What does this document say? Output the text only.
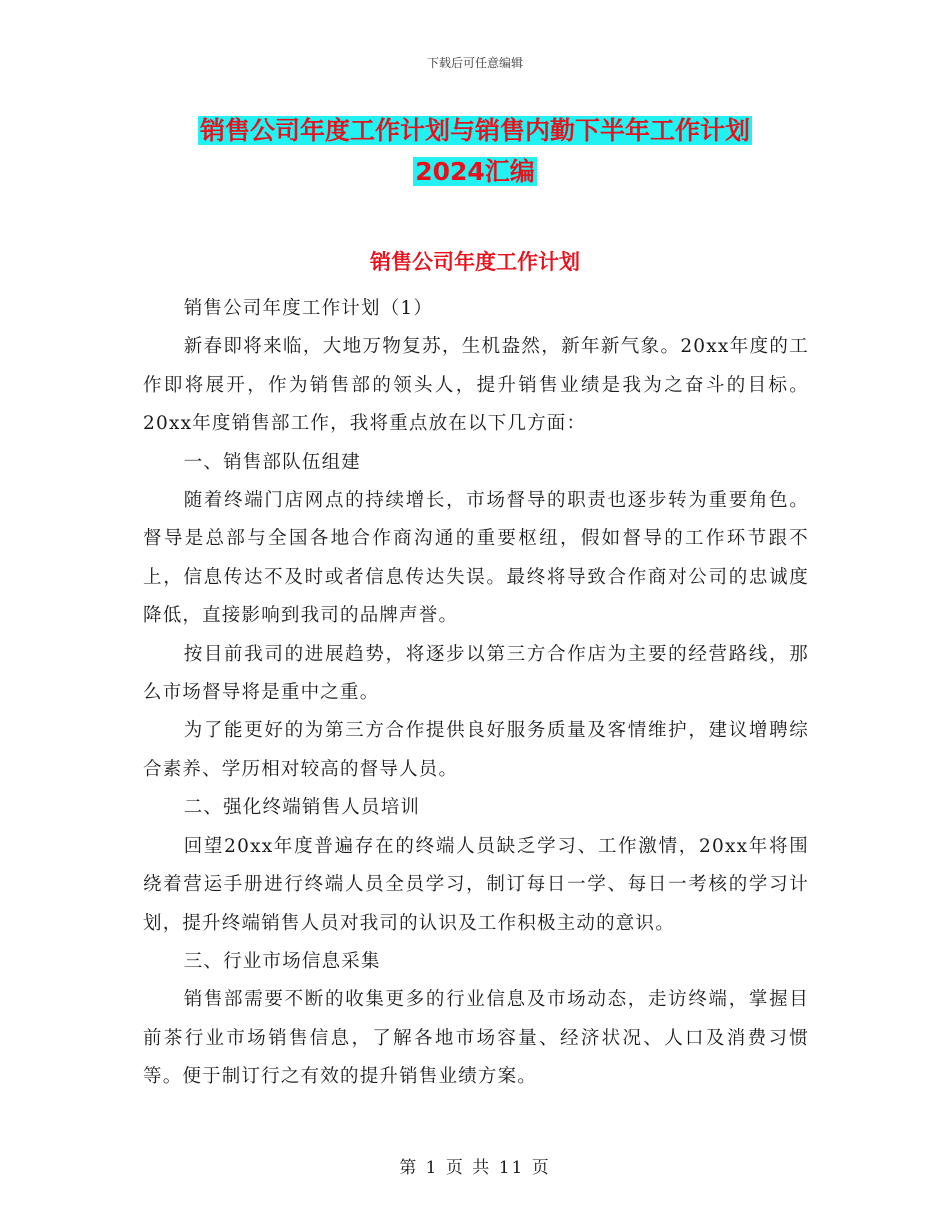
下载后可任意编辑
销售公司年度工作计划与销售内勤下半年工作计划
2024汇编
销售公司年度工作计划

销售公司年度工作计划（1）

新春即将来临，大地万物复苏，生机盎然，新年新气象。20xx年度的工作即将展开，作为销售部的领头人，提升销售业绩是我为之奋斗的目标。20xx年度销售部工作，我将重点放在以下几方面：

一、销售部队伍组建

随着终端门店网点的持续增长，市场督导的职责也逐步转为重要角色。督导是总部与全国各地合作商沟通的重要枢纽，假如督导的工作环节跟不上，信息传达不及时或者信息传达失误。最终将导致合作商对公司的忠诚度降低，直接影响到我司的品牌声誉。

按目前我司的进展趋势，将逐步以第三方合作店为主要的经营路线，那么市场督导将是重中之重。

为了能更好的为第三方合作提供良好服务质量及客情维护，建议增聘综合素养、学历相对较高的督导人员。

二、强化终端销售人员培训

回望20xx年度普遍存在的终端人员缺乏学习、工作激情，20xx年将围绕着营运手册进行终端人员全员学习，制订每日一学、每日一考核的学习计划，提升终端销售人员对我司的认识及工作积极主动的意识。

三、行业市场信息采集

销售部需要不断的收集更多的行业信息及市场动态，走访终端，掌握目前茶行业市场销售信息，了解各地市场容量、经济状况、人口及消费习惯等。便于制订行之有效的提升销售业绩方案。

第 1 页 共 11 页
